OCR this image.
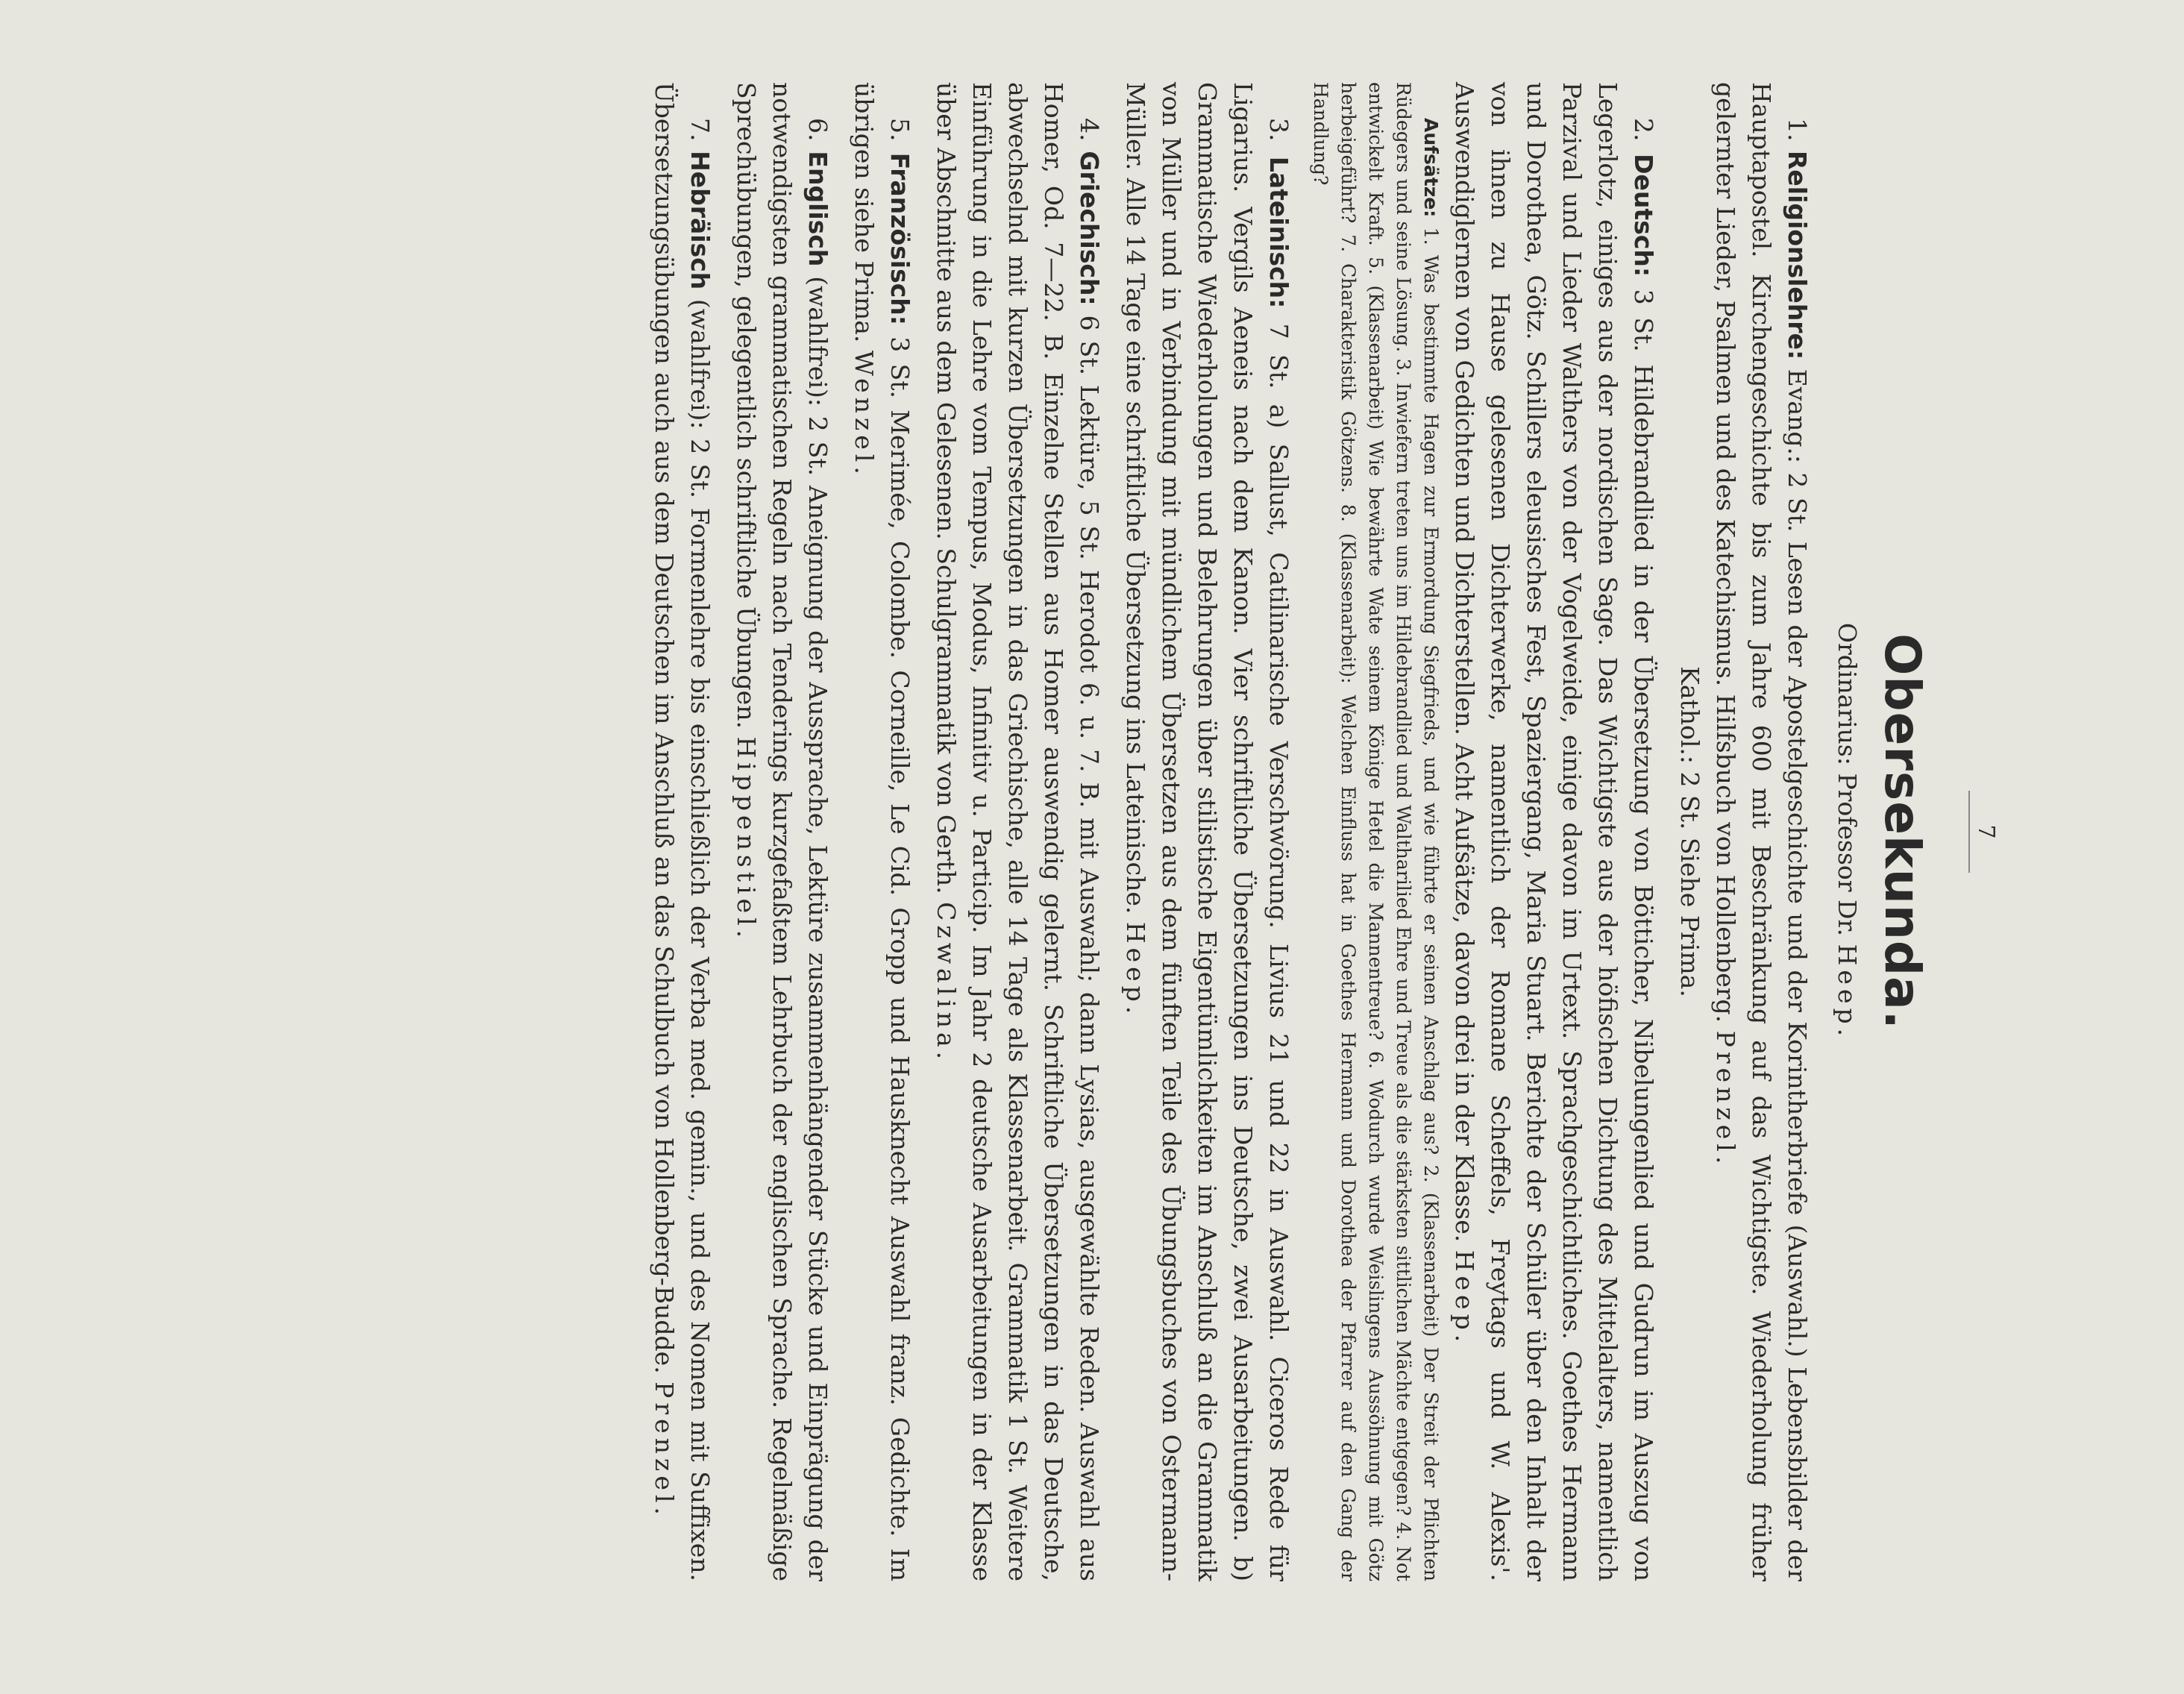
7

Obersekunda.

Ordinarius: Professor Dr. Heep.

1. Religionslehre: Evang.: 2 St. Lesen der Apostelgeschichte und der Korintherbriefe (Auswahl.) Lebensbilder der Hauptapostel. Kirchengeschichte bis zum Jahre 600 mit Beschränkung auf das Wichtigste. Wiederholung früher gelernter Lieder, Psalmen und des Katechismus. Hilfsbuch von Hollenberg. Prenzel.

Kathol.: 2 St. Siehe Prima.

2. Deutsch: 3 St. Hildebrandlied in der Übersetzung von Bötticher, Nibelungenlied und Gudrun im Auszug von Legerlotz, einiges aus der nordischen Sage. Das Wichtigste aus der höfischen Dichtung des Mittelalters, namentlich Parzival und Lieder Walthers von der Vogelweide, einige davon im Urtext. Sprachgeschichtliches. Goethes Hermann und Dorothea, Götz. Schillers eleusisches Fest, Spaziergang, Maria Stuart. Berichte der Schüler über den Inhalt der von ihnen zu Hause gelesenen Dichterwerke, namentlich der Romane Scheffels, Freytags und W. Alexis'. Auswendiglernen von Gedichten und Dichterstellen. Acht Aufsätze, davon drei in der Klasse. Heep.

Aufsätze: 1. Was bestimmte Hagen zur Ermordung Siegfrieds, und wie führte er seinen Anschlag aus? 2. (Klassenarbeit) Der Streit der Pflichten Rüdegers und seine Lösung. 3. Inwiefern treten uns im Hildebrandlied und Waltharilied Ehre und Treue als die stärksten sittlichen Mächte entgegen? 4. Not entwickelt Kraft. 5. (Klassenarbeit) Wie bewährte Wate seinem Könige Hetel die Mannentreue? 6. Wodurch wurde Weislingens Aussöhnung mit Götz herbeigeführt? 7. Charakteristik Götzens. 8. (Klassenarbeit): Welchen Einfluss hat in Goethes Hermann und Dorothea der Pfarrer auf den Gang der Handlung?

3. Lateinisch: 7 St. a) Sallust, Catilinarische Verschwörung. Livius 21 und 22 in Auswahl. Ciceros Rede für Ligarius. Vergils Aeneis nach dem Kanon. Vier schriftliche Übersetzungen ins Deutsche, zwei Ausarbeitungen. b) Grammatische Wiederholungen und Belehrungen über stilistische Eigentümlichkeiten im Anschluß an die Grammatik von Müller und in Verbindung mit mündlichem Übersetzen aus dem fünften Teile des Übungsbuches von Ostermann-Müller. Alle 14 Tage eine schriftliche Übersetzung ins Lateinische. Heep.

4. Griechisch: 6 St. Lektüre, 5 St. Herodot 6. u. 7. B. mit Auswahl; dann Lysias, ausgewählte Reden. Auswahl aus Homer, Od. 7—22. B. Einzelne Stellen aus Homer auswendig gelernt. Schriftliche Übersetzungen in das Deutsche, abwechselnd mit kurzen Übersetzungen in das Griechische, alle 14 Tage als Klassenarbeit. Grammatik 1 St. Weitere Einführung in die Lehre vom Tempus, Modus, Infinitiv u. Particip. Im Jahr 2 deutsche Ausarbeitungen in der Klasse über Abschnitte aus dem Gelesenen. Schulgrammatik von Gerth. Czwalina.

5. Französisch: 3 St. Merimée, Colombe. Corneille, Le Cid. Gropp und Hausknecht Auswahl franz. Gedichte. Im übrigen siehe Prima. Wenzel.

6. Englisch (wahlfrei): 2 St. Aneignung der Aussprache, Lektüre zusammenhängender Stücke und Einprägung der notwendigsten grammatischen Regeln nach Tenderings kurzgefaßtem Lehrbuch der englischen Sprache. Regelmäßige Sprechübungen, gelegentlich schriftliche Übungen. Hippenstiel.

7. Hebräisch (wahlfrei): 2 St. Formenlehre bis einschließlich der Verba med. gemin., und des Nomen mit Suffixen. Übersetzungsübungen auch aus dem Deutschen im Anschluß an das Schulbuch von Hollenberg-Budde. Prenzel.
